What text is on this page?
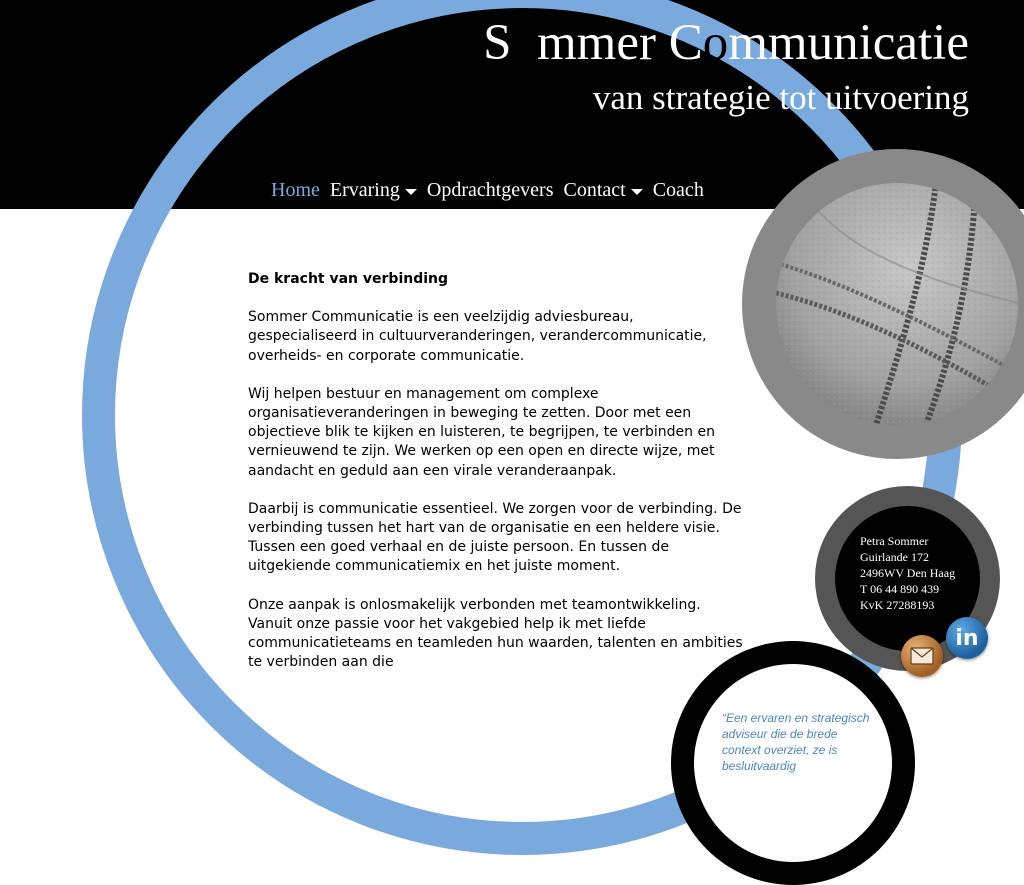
Sommer Communicatie
van strategie tot uitvoering
Home Ervaring Opdrachtgevers Contact Coach
De kracht van verbinding

Sommer Communicatie is een veelzijdig adviesbureau, gespecialiseerd in cultuurveranderingen, verandercommunicatie, overheids- en corporate communicatie.

Wij helpen bestuur en management om complexe organisatieveranderingen in beweging te zetten. Door met een objectieve blik te kijken en luisteren, te begrijpen, te verbinden en vernieuwend te zijn. We werken op een open en directe wijze, met aandacht en geduld aan een virale veranderaanpak.

Daarbij is communicatie essentieel. We zorgen voor de verbinding. De verbinding tussen het hart van de organisatie en een heldere visie. Tussen een goed verhaal en de juiste persoon. En tussen de uitgekiende communicatiemix en het juiste moment.

Onze aanpak is onlosmakelijk verbonden met teamontwikkeling. Vanuit onze passie voor het vakgebied help ik met liefde communicatieteams en teamleden hun waarden, talenten en ambities te verbinden aan die

Petra Sommer
Guirlande 172
2496WV Den Haag
T 06 44 890 439
KvK 27288193
in
“Een ervaren en strategisch adviseur die de brede context overziet, ze is besluitvaardig
